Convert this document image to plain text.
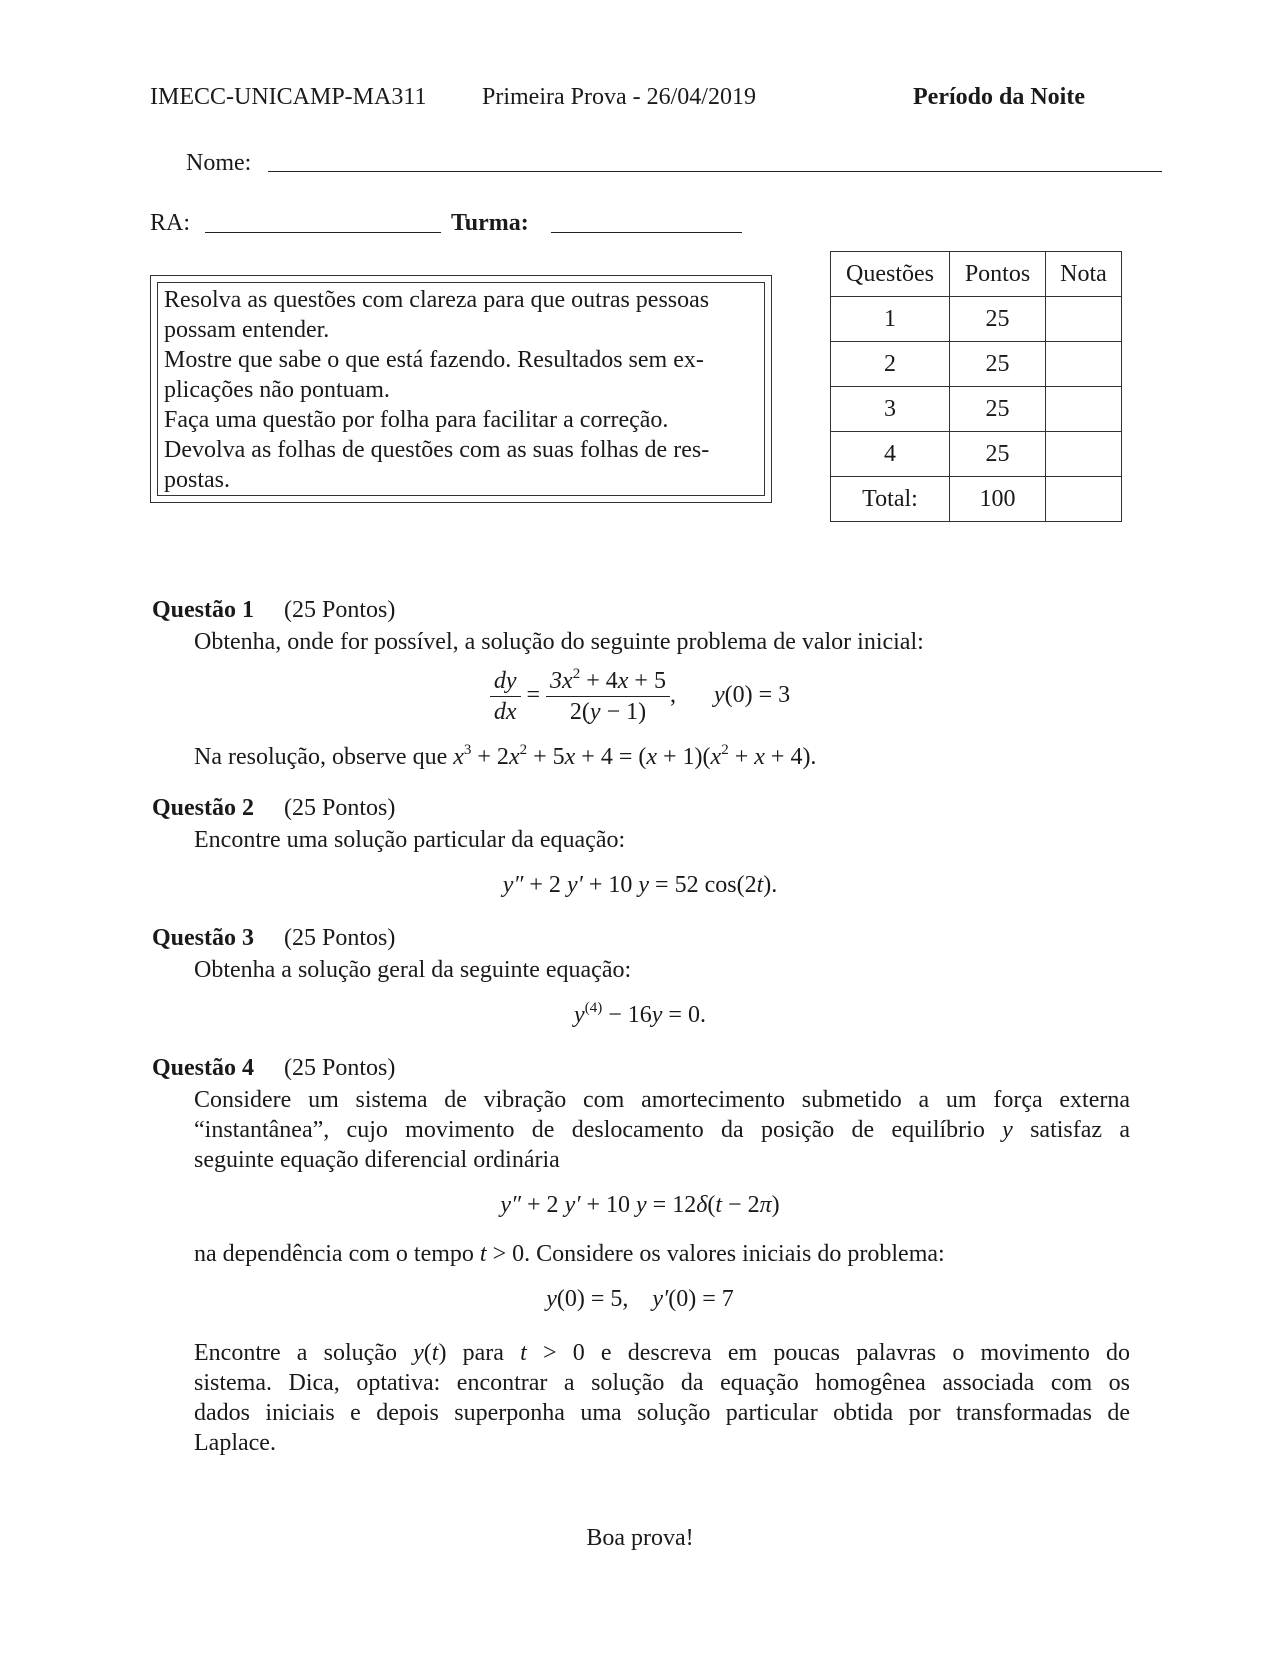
IMECC-UNICAMP-MA311 Primeira Prova - 26/04/2019	Período da Noite
Nome:
RA:	Turma:
Resolva as questões com clareza para que outras pessoas
possam entender.
Mostre que sabe o que está fazendo. Resultados sem ex-
plicações não pontuam.
Faça uma questão por folha para facilitar a correção.
Devolva as folhas de questões com as suas folhas de res-
postas.
Questões	Pontos	Nota
1	25	
2	25	
3	25	
4	25	
Total:	100	
Questão 1 (25 Pontos)
Obtenha, onde for possível, a solução do seguinte problema de valor inicial:
$\frac{dy}{dx} = \frac{3x^2 + 4x + 5}{2(y - 1)}$ , y(0) = 3
Na resolução, observe que $x^3 + 2x^2 + 5x + 4 = (x + 1)(x^2 + x + 4)$.
Questão 2 (25 Pontos)
Encontre uma solução particular da equação:
y″ + 2 y′ + 10 y = 52 cos(2t).
Questão 3 (25 Pontos)
Obtenha a solução geral da seguinte equação:
$y^{(4)} - 16y = 0$.
Questão 4 (25 Pontos)
Considere um sistema de vibração com amortecimento submetido a um força externa
“instantânea”, cujo movimento de deslocamento da posição de equilíbrio y satisfaz a
seguinte equação diferencial ordinária
y″ + 2 y′ + 10 y = 12δ(t − 2π)
na dependência com o tempo t > 0. Considere os valores iniciais do problema:
y(0) = 5, y′(0) = 7
Encontre a solução y(t) para t > 0 e descreva em poucas palavras o movimento do
sistema. Dica, optativa: encontrar a solução da equação homogênea associada com os
dados iniciais e depois superponha uma solução particular obtida por transformadas de
Laplace.
Boa prova!
